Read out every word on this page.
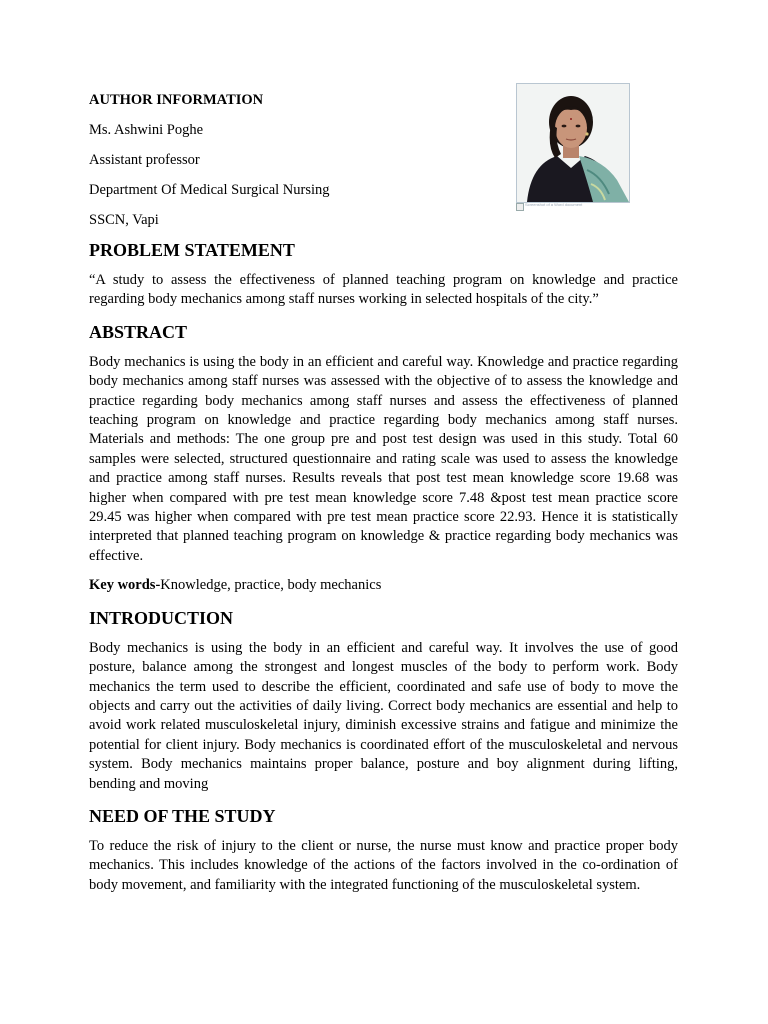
AUTHOR INFORMATION
Ms. Ashwini Poghe
Assistant professor
Department Of Medical Surgical Nursing
SSCN, Vapi
Screenshot of a Word document
PROBLEM STATEMENT

“A study to assess the effectiveness of planned teaching program on knowledge and practice regarding body mechanics among staff nurses working in selected hospitals of the city.”

ABSTRACT

Body mechanics is using the body in an efficient and careful way. Knowledge and practice regarding body mechanics among staff nurses was assessed with the objective of to assess the knowledge and practice regarding body mechanics among staff nurses and assess the effectiveness of planned teaching program on knowledge and practice regarding body mechanics among staff nurses. Materials and methods: The one group pre and post test design was used in this study. Total 60 samples were selected, structured questionnaire and rating scale was used to assess the knowledge and practice among staff nurses. Results reveals that post test mean knowledge score 19.68 was higher when compared with pre test mean knowledge score 7.48 &post test mean practice score 29.45 was higher when compared with pre test mean practice score 22.93. Hence it is statistically interpreted that planned teaching program on knowledge & practice regarding body mechanics was effective.

Key words-Knowledge, practice, body mechanics

INTRODUCTION

Body mechanics is using the body in an efficient and careful way. It involves the use of good posture, balance among the strongest and longest muscles of the body to perform work. Body mechanics the term used to describe the efficient, coordinated and safe use of body to move the objects and carry out the activities of daily living. Correct body mechanics are essential and help to avoid work related musculoskeletal injury, diminish excessive strains and fatigue and minimize the potential for client injury. Body mechanics is coordinated effort of the musculoskeletal and nervous system. Body mechanics maintains proper balance, posture and boy alignment during lifting, bending and moving

NEED OF THE STUDY

To reduce the risk of injury to the client or nurse, the nurse must know and practice proper body mechanics. This includes knowledge of the actions of the factors involved in the co-ordination of body movement, and familiarity with the integrated functioning of the musculoskeletal system.
